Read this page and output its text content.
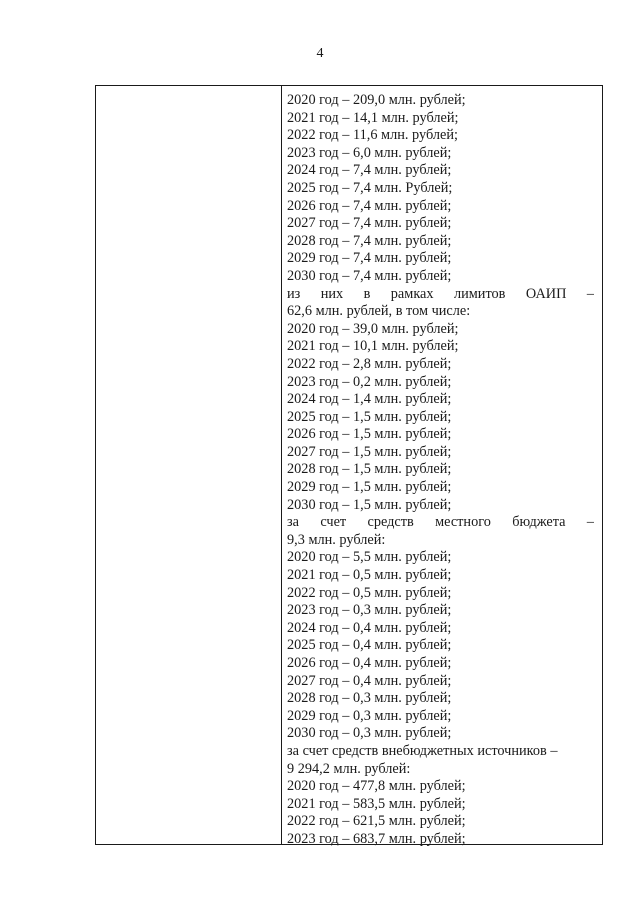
4
2020 год – 209,0 млн. рублей;
2021 год – 14,1 млн. рублей;
2022 год – 11,6 млн. рублей;
2023 год – 6,0 млн. рублей;
2024 год – 7,4 млн. рублей;
2025 год – 7,4 млн. Рублей;
2026 год – 7,4 млн. рублей;
2027 год – 7,4 млн. рублей;
2028 год – 7,4 млн. рублей;
2029 год – 7,4 млн. рублей;
2030 год – 7,4 млн. рублей;
из них в рамках лимитов ОАИП –
62,6 млн. рублей, в том числе:
2020 год – 39,0 млн. рублей;
2021 год – 10,1 млн. рублей;
2022 год – 2,8 млн. рублей;
2023 год – 0,2 млн. рублей;
2024 год – 1,4 млн. рублей;
2025 год – 1,5 млн. рублей;
2026 год – 1,5 млн. рублей;
2027 год – 1,5 млн. рублей;
2028 год – 1,5 млн. рублей;
2029 год – 1,5 млн. рублей;
2030 год – 1,5 млн. рублей;
за счет средств местного бюджета –
9,3 млн. рублей:
2020 год – 5,5 млн. рублей;
2021 год – 0,5 млн. рублей;
2022 год – 0,5 млн. рублей;
2023 год – 0,3 млн. рублей;
2024 год – 0,4 млн. рублей;
2025 год – 0,4 млн. рублей;
2026 год – 0,4 млн. рублей;
2027 год – 0,4 млн. рублей;
2028 год – 0,3 млн. рублей;
2029 год – 0,3 млн. рублей;
2030 год – 0,3 млн. рублей;
за счет средств внебюджетных источников –
9 294,2 млн. рублей:
2020 год – 477,8 млн. рублей;
2021 год – 583,5 млн. рублей;
2022 год – 621,5 млн. рублей;
2023 год – 683,7 млн. рублей;
